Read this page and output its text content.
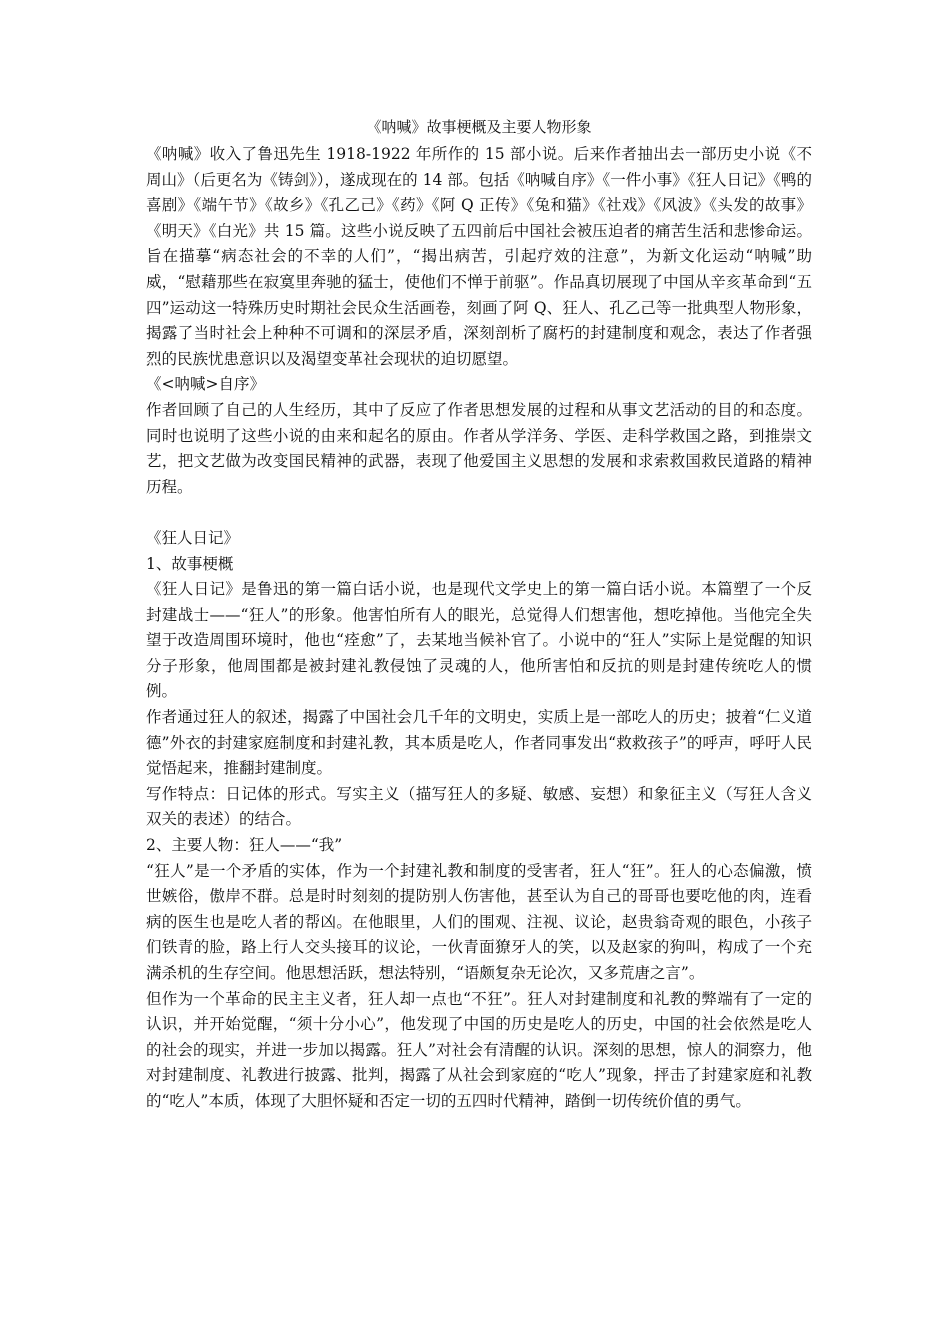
《呐喊》故事梗概及主要人物形象

《呐喊》收入了鲁迅先生 1918-1922 年所作的 15 部小说。后来作者抽出去一部历史小说《不周山》（后更名为《铸剑》），遂成现在的 14 部。包括《呐喊自序》《一件小事》《狂人日记》《鸭的喜剧》《端午节》《故乡》《孔乙己》《药》《阿 Q 正传》《兔和猫》《社戏》《风波》《头发的故事》《明天》《白光》共 15 篇。这些小说反映了五四前后中国社会被压迫者的痛苦生活和悲惨命运。旨在描摹“病态社会的不幸的人们”，“揭出病苦，引起疗效的注意”，为新文化运动“呐喊”助威，“慰藉那些在寂寞里奔驰的猛士，使他们不惮于前驱”。作品真切展现了中国从辛亥革命到“五四”运动这一特殊历史时期社会民众生活画卷，刻画了阿 Q、狂人、孔乙己等一批典型人物形象，揭露了当时社会上种种不可调和的深层矛盾，深刻剖析了腐朽的封建制度和观念，表达了作者强烈的民族忧患意识以及渴望变革社会现状的迫切愿望。

《<呐喊>自序》

作者回顾了自己的人生经历，其中了反应了作者思想发展的过程和从事文艺活动的目的和态度。同时也说明了这些小说的由来和起名的原由。作者从学洋务、学医、走科学救国之路，到推崇文艺，把文艺做为改变国民精神的武器，表现了他爱国主义思想的发展和求索救国救民道路的精神历程。

《狂人日记》

1、故事梗概

《狂人日记》是鲁迅的第一篇白话小说，也是现代文学史上的第一篇白话小说。本篇塑了一个反封建战士——“狂人”的形象。他害怕所有人的眼光，总觉得人们想害他，想吃掉他。当他完全失望于改造周围环境时，他也“痊愈”了，去某地当候补官了。小说中的“狂人”实际上是觉醒的知识分子形象，他周围都是被封建礼教侵蚀了灵魂的人，他所害怕和反抗的则是封建传统吃人的惯例。

作者通过狂人的叙述，揭露了中国社会几千年的文明史，实质上是一部吃人的历史；披着“仁义道德”外衣的封建家庭制度和封建礼教，其本质是吃人，作者同事发出“救救孩子”的呼声，呼吁人民觉悟起来，推翻封建制度。

写作特点：日记体的形式。写实主义（描写狂人的多疑、敏感、妄想）和象征主义（写狂人含义双关的表述）的结合。

2、主要人物：狂人——“我”

“狂人”是一个矛盾的实体，作为一个封建礼教和制度的受害者，狂人“狂”。狂人的心态偏激，愤世嫉俗，傲岸不群。总是时时刻刻的提防别人伤害他，甚至认为自己的哥哥也要吃他的肉，连看病的医生也是吃人者的帮凶。在他眼里，人们的围观、注视、议论，赵贵翁奇观的眼色，小孩子们铁青的脸，路上行人交头接耳的议论，一伙青面獠牙人的笑，以及赵家的狗叫，构成了一个充满杀机的生存空间。他思想活跃，想法特别，“语颇复杂无论次，又多荒唐之言”。

但作为一个革命的民主主义者，狂人却一点也“不狂”。狂人对封建制度和礼教的弊端有了一定的认识，并开始觉醒，“须十分小心”，他发现了中国的历史是吃人的历史，中国的社会依然是吃人的社会的现实，并进一步加以揭露。狂人”对社会有清醒的认识。深刻的思想，惊人的洞察力，他对封建制度、礼教进行披露、批判，揭露了从社会到家庭的“吃人”现象，抨击了封建家庭和礼教的“吃人”本质，体现了大胆怀疑和否定一切的五四时代精神，踏倒一切传统价值的勇气。
